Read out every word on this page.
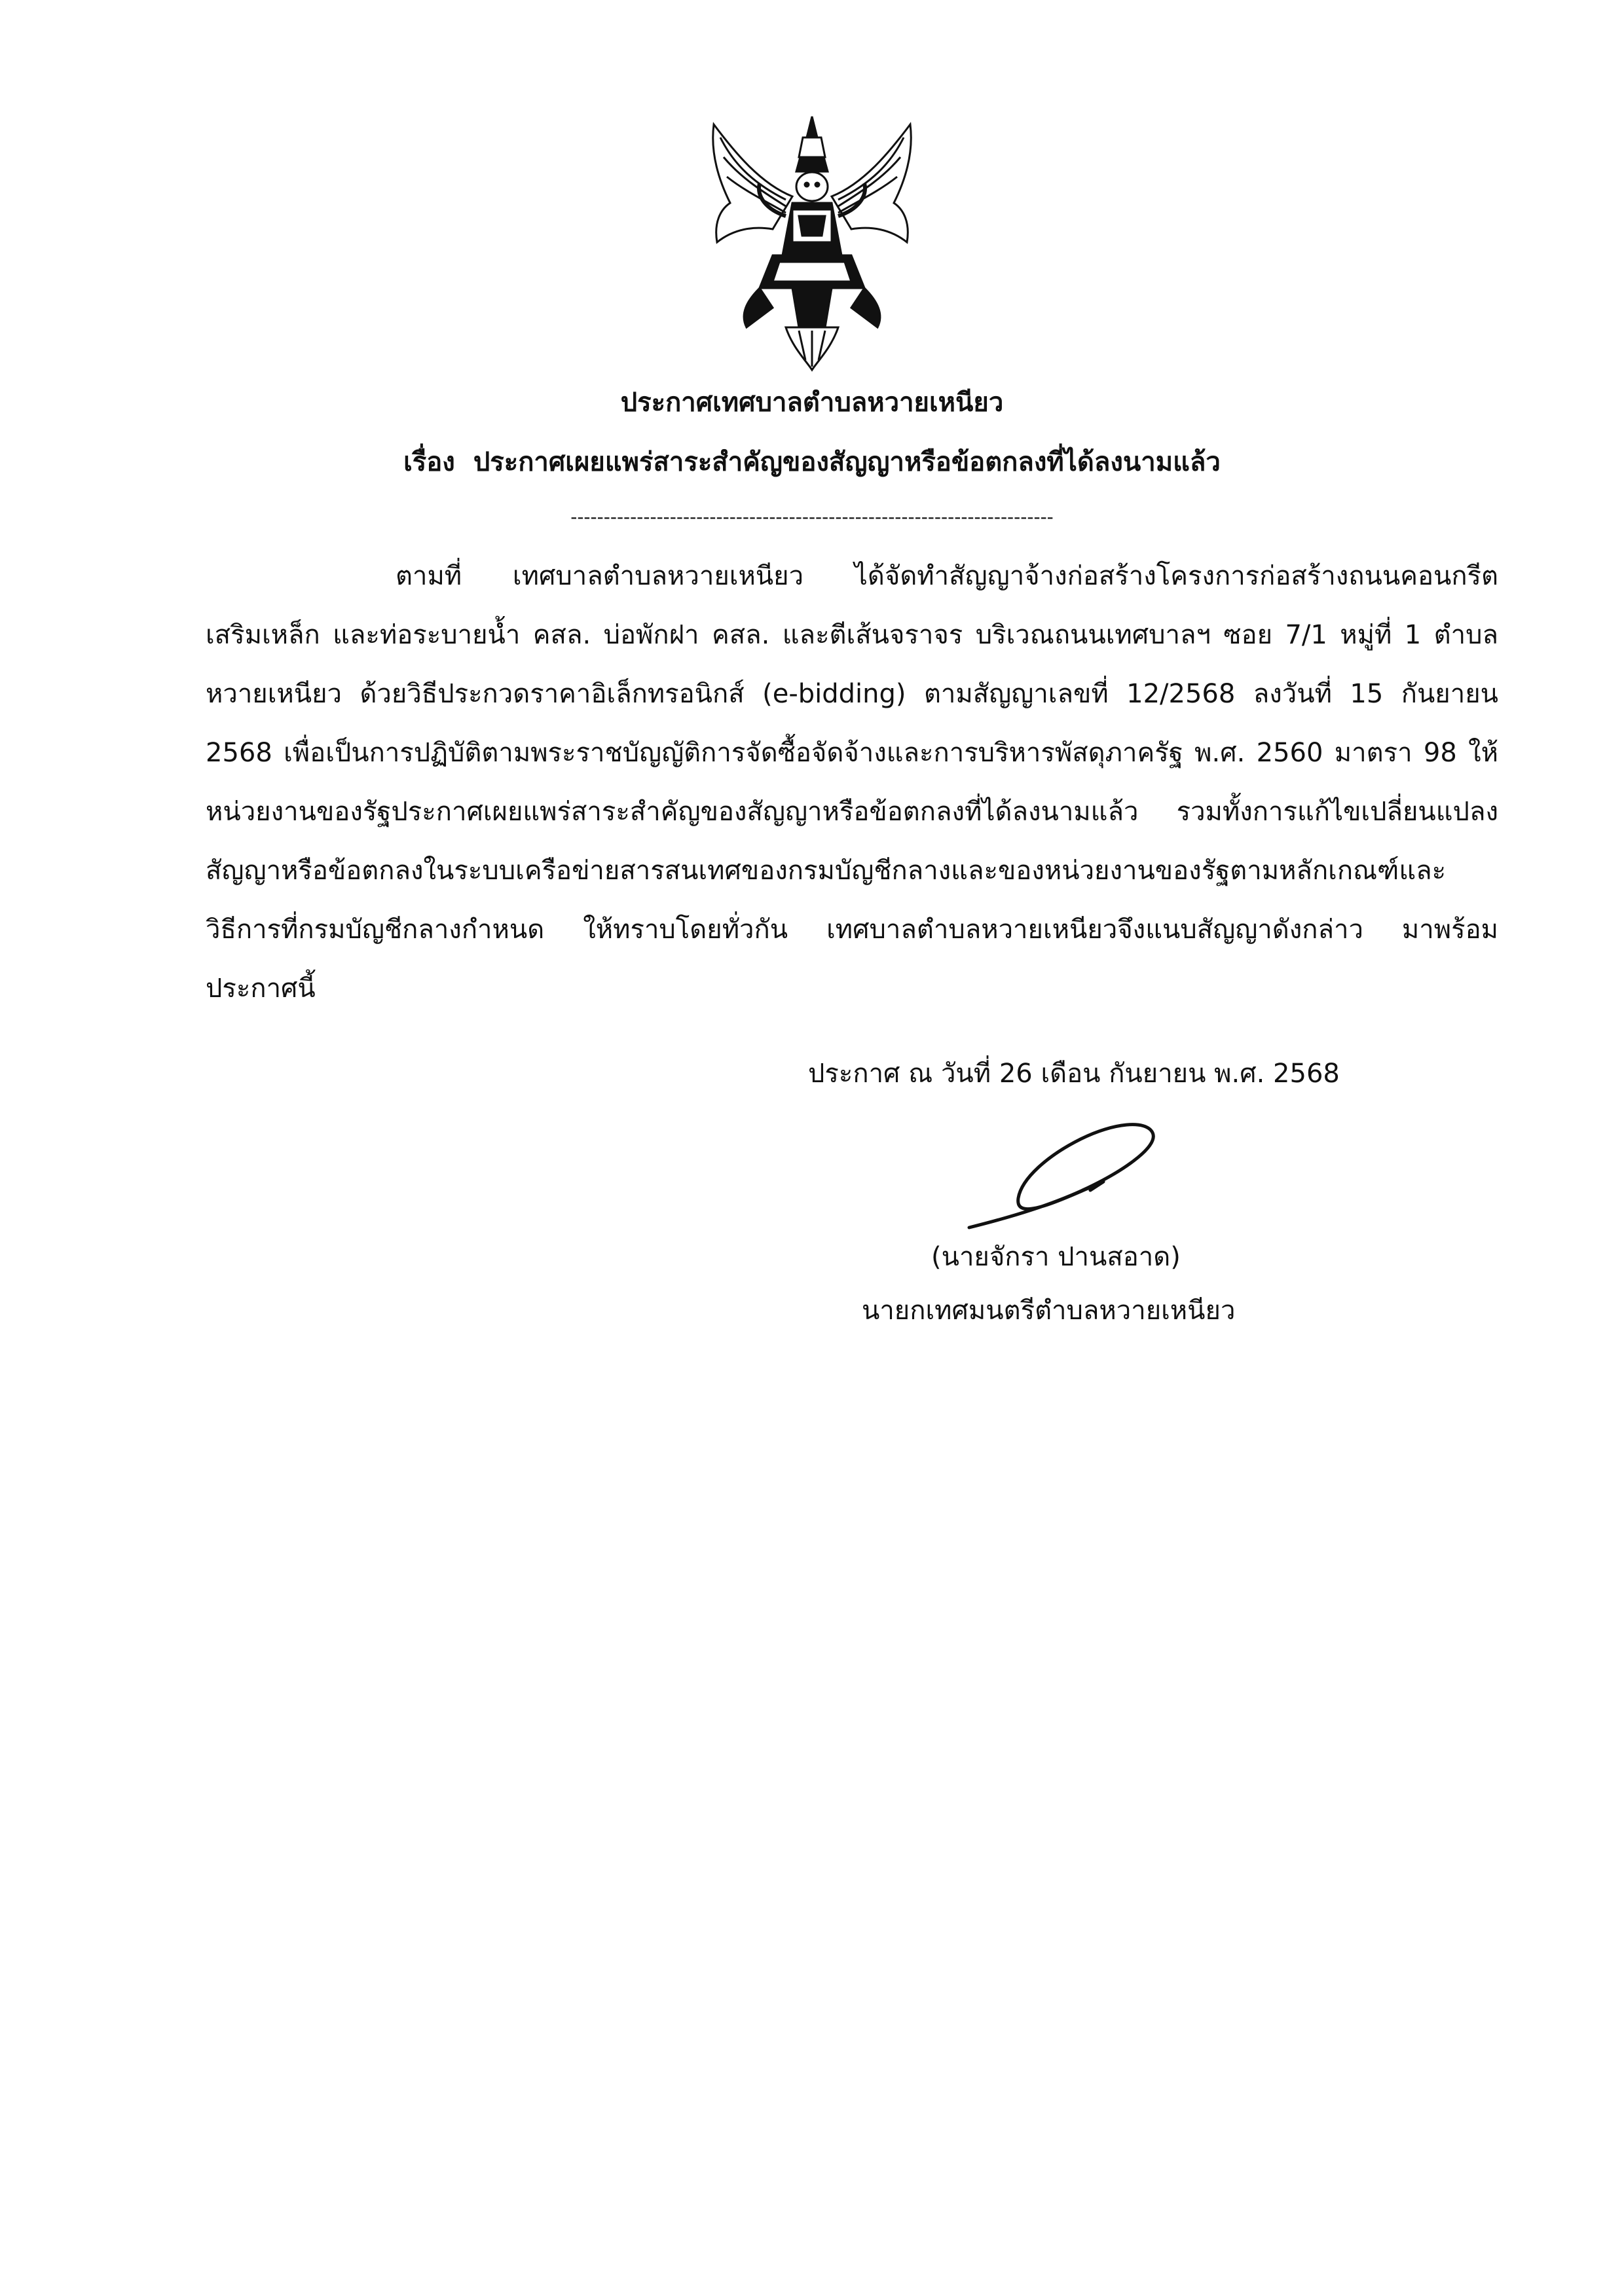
ประกาศเทศบาลตำบลหวายเหนียว
เรื่อง ประกาศเผยแพร่สาระสำคัญของสัญญาหรือข้อตกลงที่ได้ลงนามแล้ว
-------------------------------------------------------------------------
ตามที่ เทศบาลตำบลหวายเหนียว ได้จัดทำสัญญาจ้างก่อสร้างโครงการก่อสร้างถนนคอนกรีต
เสริมเหล็ก และท่อระบายน้ำ คสล. บ่อพักฝา คสล. และตีเส้นจราจร บริเวณถนนเทศบาลฯ ซอย 7/1 หมู่ที่ 1 ตำบล
หวายเหนียว ด้วยวิธีประกวดราคาอิเล็กทรอนิกส์ (e-bidding) ตามสัญญาเลขที่ 12/2568 ลงวันที่ 15 กันยายน
2568 เพื่อเป็นการปฏิบัติตามพระราชบัญญัติการจัดซื้อจัดจ้างและการบริหารพัสดุภาครัฐ พ.ศ. 2560 มาตรา 98 ให้
หน่วยงานของรัฐประกาศเผยแพร่สาระสำคัญของสัญญาหรือข้อตกลงที่ได้ลงนามแล้ว รวมทั้งการแก้ไขเปลี่ยนแปลง
สัญญาหรือข้อตกลงในระบบเครือข่ายสารสนเทศของกรมบัญชีกลางและของหน่วยงานของรัฐตามหลักเกณฑ์และ
วิธีการที่กรมบัญชีกลางกำหนด ให้ทราบโดยทั่วกัน เทศบาลตำบลหวายเหนียวจึงแนบสัญญาดังกล่าว มาพร้อม
ประกาศนี้
ประกาศ ณ วันที่ 26 เดือน กันยายน พ.ศ. 2568
(นายจักรา ปานสอาด)
นายกเทศมนตรีตำบลหวายเหนียว
